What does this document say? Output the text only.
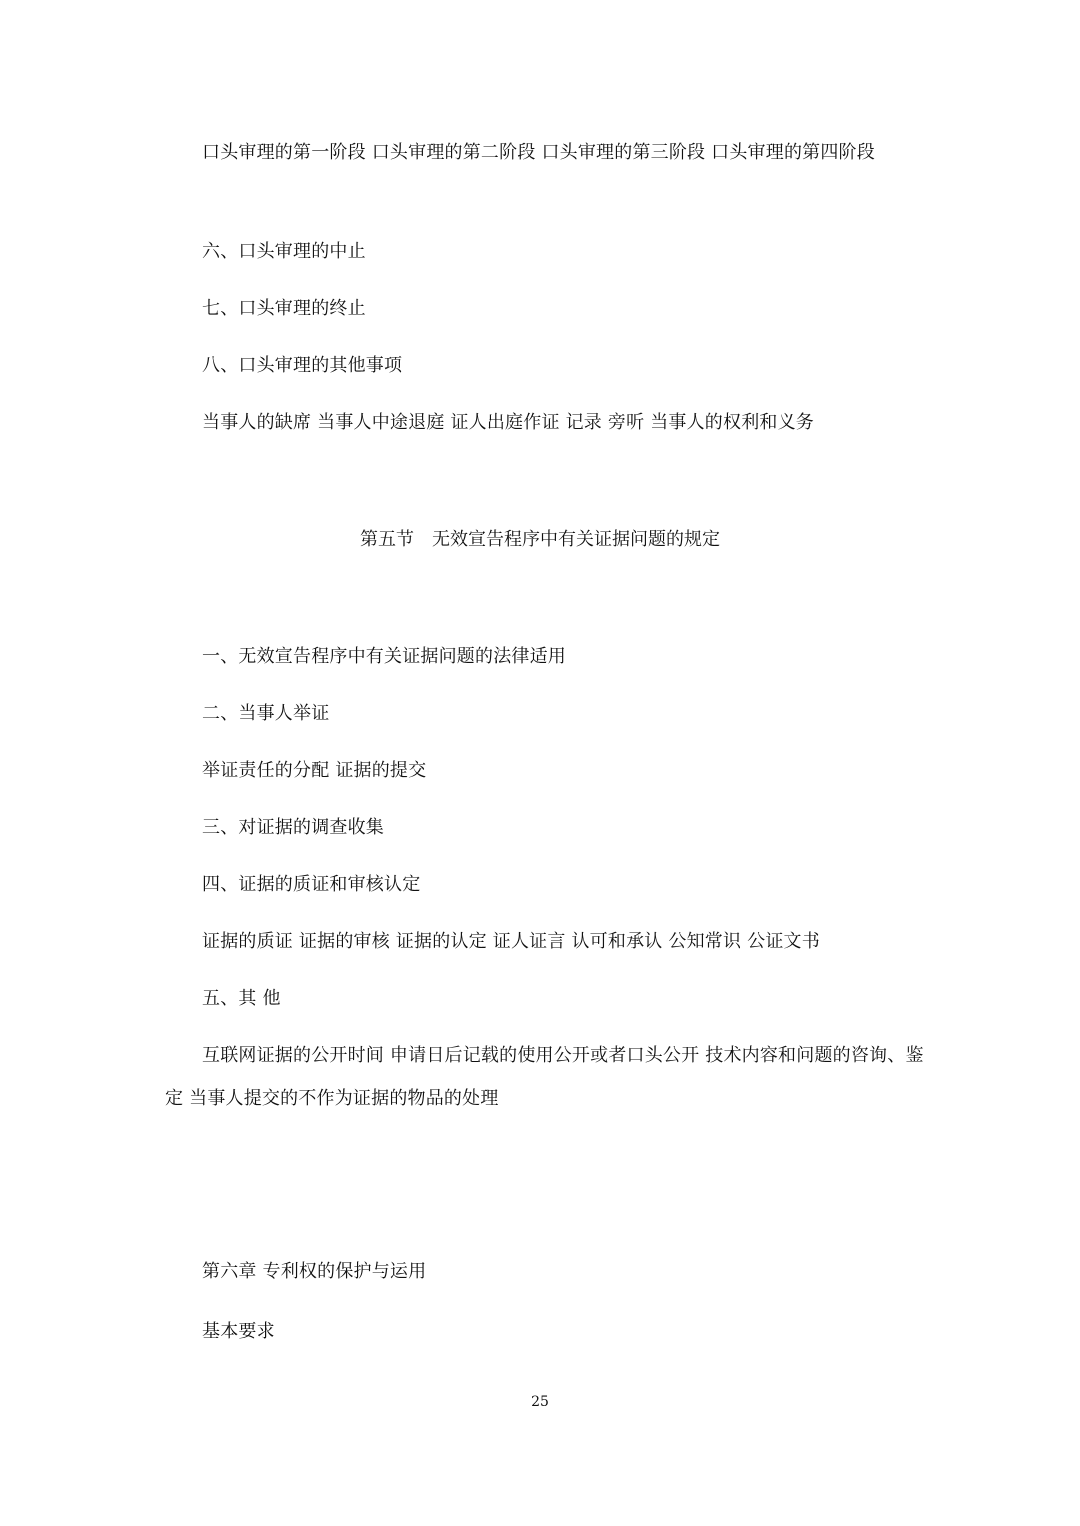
口头审理的第一阶段 口头审理的第二阶段 口头审理的第三阶段 口头审理的第四阶段
六、口头审理的中止
七、口头审理的终止
八、口头审理的其他事项
当事人的缺席 当事人中途退庭 证人出庭作证 记录 旁听 当事人的权利和义务
第五节　无效宣告程序中有关证据问题的规定
一、无效宣告程序中有关证据问题的法律适用
二、当事人举证
举证责任的分配 证据的提交
三、对证据的调查收集
四、证据的质证和审核认定
证据的质证 证据的审核 证据的认定 证人证言 认可和承认 公知常识 公证文书
五、其 他
互联网证据的公开时间 申请日后记载的使用公开或者口头公开 技术内容和问题的咨询、鉴定 当事人提交的不作为证据的物品的处理
第六章 专利权的保护与运用
基本要求
25
